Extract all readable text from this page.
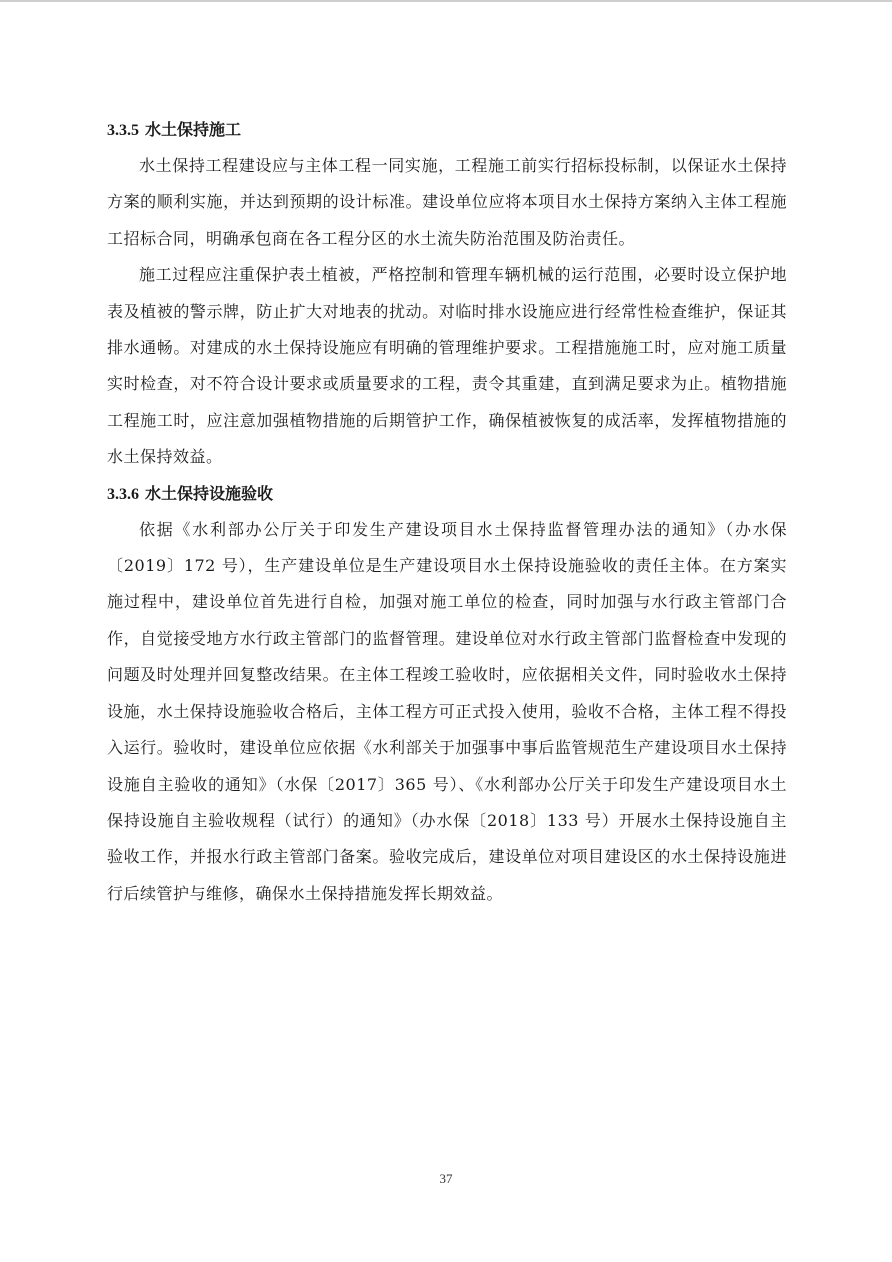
3.3.5 水土保持施工

水土保持工程建设应与主体工程一同实施，工程施工前实行招标投标制，以保证水土保持方案的顺利实施，并达到预期的设计标准。建设单位应将本项目水土保持方案纳入主体工程施工招标合同，明确承包商在各工程分区的水土流失防治范围及防治责任。

施工过程应注重保护表土植被，严格控制和管理车辆机械的运行范围，必要时设立保护地表及植被的警示牌，防止扩大对地表的扰动。对临时排水设施应进行经常性检查维护，保证其排水通畅。对建成的水土保持设施应有明确的管理维护要求。工程措施施工时，应对施工质量实时检查，对不符合设计要求或质量要求的工程，责令其重建，直到满足要求为止。植物措施工程施工时，应注意加强植物措施的后期管护工作，确保植被恢复的成活率，发挥植物措施的水土保持效益。

3.3.6 水土保持设施验收

依据《水利部办公厅关于印发生产建设项目水土保持监督管理办法的通知》（办水保〔2019〕172 号），生产建设单位是生产建设项目水土保持设施验收的责任主体。在方案实施过程中，建设单位首先进行自检，加强对施工单位的检查，同时加强与水行政主管部门合作，自觉接受地方水行政主管部门的监督管理。建设单位对水行政主管部门监督检查中发现的问题及时处理并回复整改结果。在主体工程竣工验收时，应依据相关文件，同时验收水土保持设施，水土保持设施验收合格后，主体工程方可正式投入使用，验收不合格，主体工程不得投入运行。验收时，建设单位应依据《水利部关于加强事中事后监管规范生产建设项目水土保持设施自主验收的通知》（水保〔2017〕365 号）、《水利部办公厅关于印发生产建设项目水土保持设施自主验收规程（试行）的通知》（办水保〔2018〕133 号）开展水土保持设施自主验收工作，并报水行政主管部门备案。验收完成后，建设单位对项目建设区的水土保持设施进行后续管护与维修，确保水土保持措施发挥长期效益。

37
